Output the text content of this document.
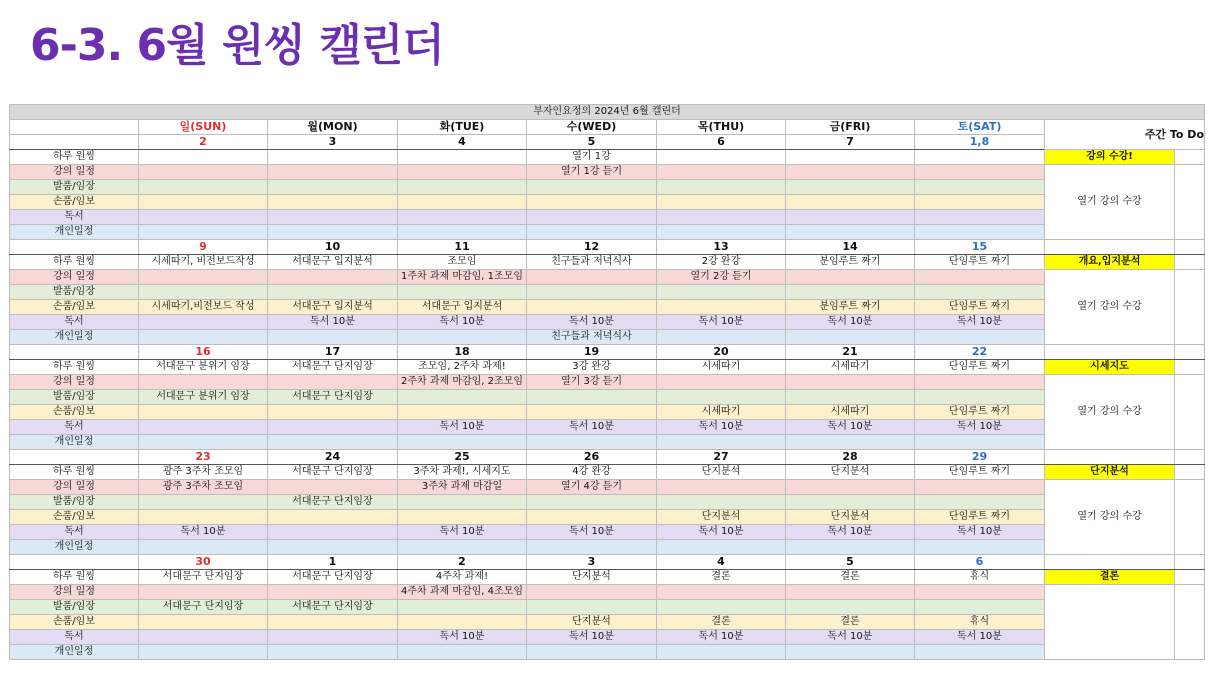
6-3. 6월 원씽 캘린더
부자인요정의 2024년 6월 캘린더									
	일(SUN)	월(MON)	화(TUE)	수(WED)	목(THU)	금(FRI)	토(SAT)	주간 To Do	
	2	3	4	5	6	7	1,8		
하루 원씽				열기 1강				강의 수강!	
강의 일정				열기 1강 듣기				열기 강의 수강	
발품/임장									
손품/임보									
독서									
개인일정									
	9	10	11	12	13	14	15		
하루 원씽	시세따기, 비전보드작성	서대문구 입지분석	조모임	친구들과 저녁식사	2강 완강	분임루트 짜기	단임루트 짜기	개요,입지분석	
강의 일정			1주차 과제 마감임, 1조모임		열기 2강 듣기			열기 강의 수강	
발품/임장									
손품/임보	시세따기,비전보드 작성	서대문구 입지분석	서대문구 입지분석			분임루트 짜기	단임루트 짜기		
독서		독서 10분	독서 10분	독서 10분	독서 10분	독서 10분	독서 10분		
개인일정				친구들과 저녁식사					
	16	17	18	19	20	21	22		
하루 원씽	서대문구 분위기 임장	서대문구 단지임장	조모임, 2주차 과제!	3강 완강	시세따기	시세따기	단임루트 짜기	시세지도	
강의 일정			2주차 과제 마감임, 2조모임	열기 3강 듣기				열기 강의 수강	
발품/임장	서대문구 분위기 임장	서대문구 단지임장							
손품/임보					시세따기	시세따기	단임루트 짜기		
독서			독서 10분	독서 10분	독서 10분	독서 10분	독서 10분		
개인일정									
	23	24	25	26	27	28	29		
하루 원씽	광주 3주차 조모임	서대문구 단지임장	3주차 과제!, 시세지도	4강 완강	단지분석	단지분석	단임루트 짜기	단지분석	
강의 일정	광주 3주차 조모임		3주차 과제 마감일	열기 4강 듣기				열기 강의 수강	
발품/임장		서대문구 단지임장							
손품/임보					단지분석	단지분석	단임루트 짜기		
독서	독서 10분		독서 10분	독서 10분	독서 10분	독서 10분	독서 10분		
개인일정									
	30	1	2	3	4	5	6		
하루 원씽	서대문구 단지임장	서대문구 단지임장	4주차 과제!	단지분석	결론	결론	휴식	결론	
강의 일정			4주차 과제 마감임, 4조모임						
발품/임장	서대문구 단지임장	서대문구 단지임장							
손품/임보				단지분석	결론	결론	휴식		
독서			독서 10분	독서 10분	독서 10분	독서 10분	독서 10분		
개인일정									
